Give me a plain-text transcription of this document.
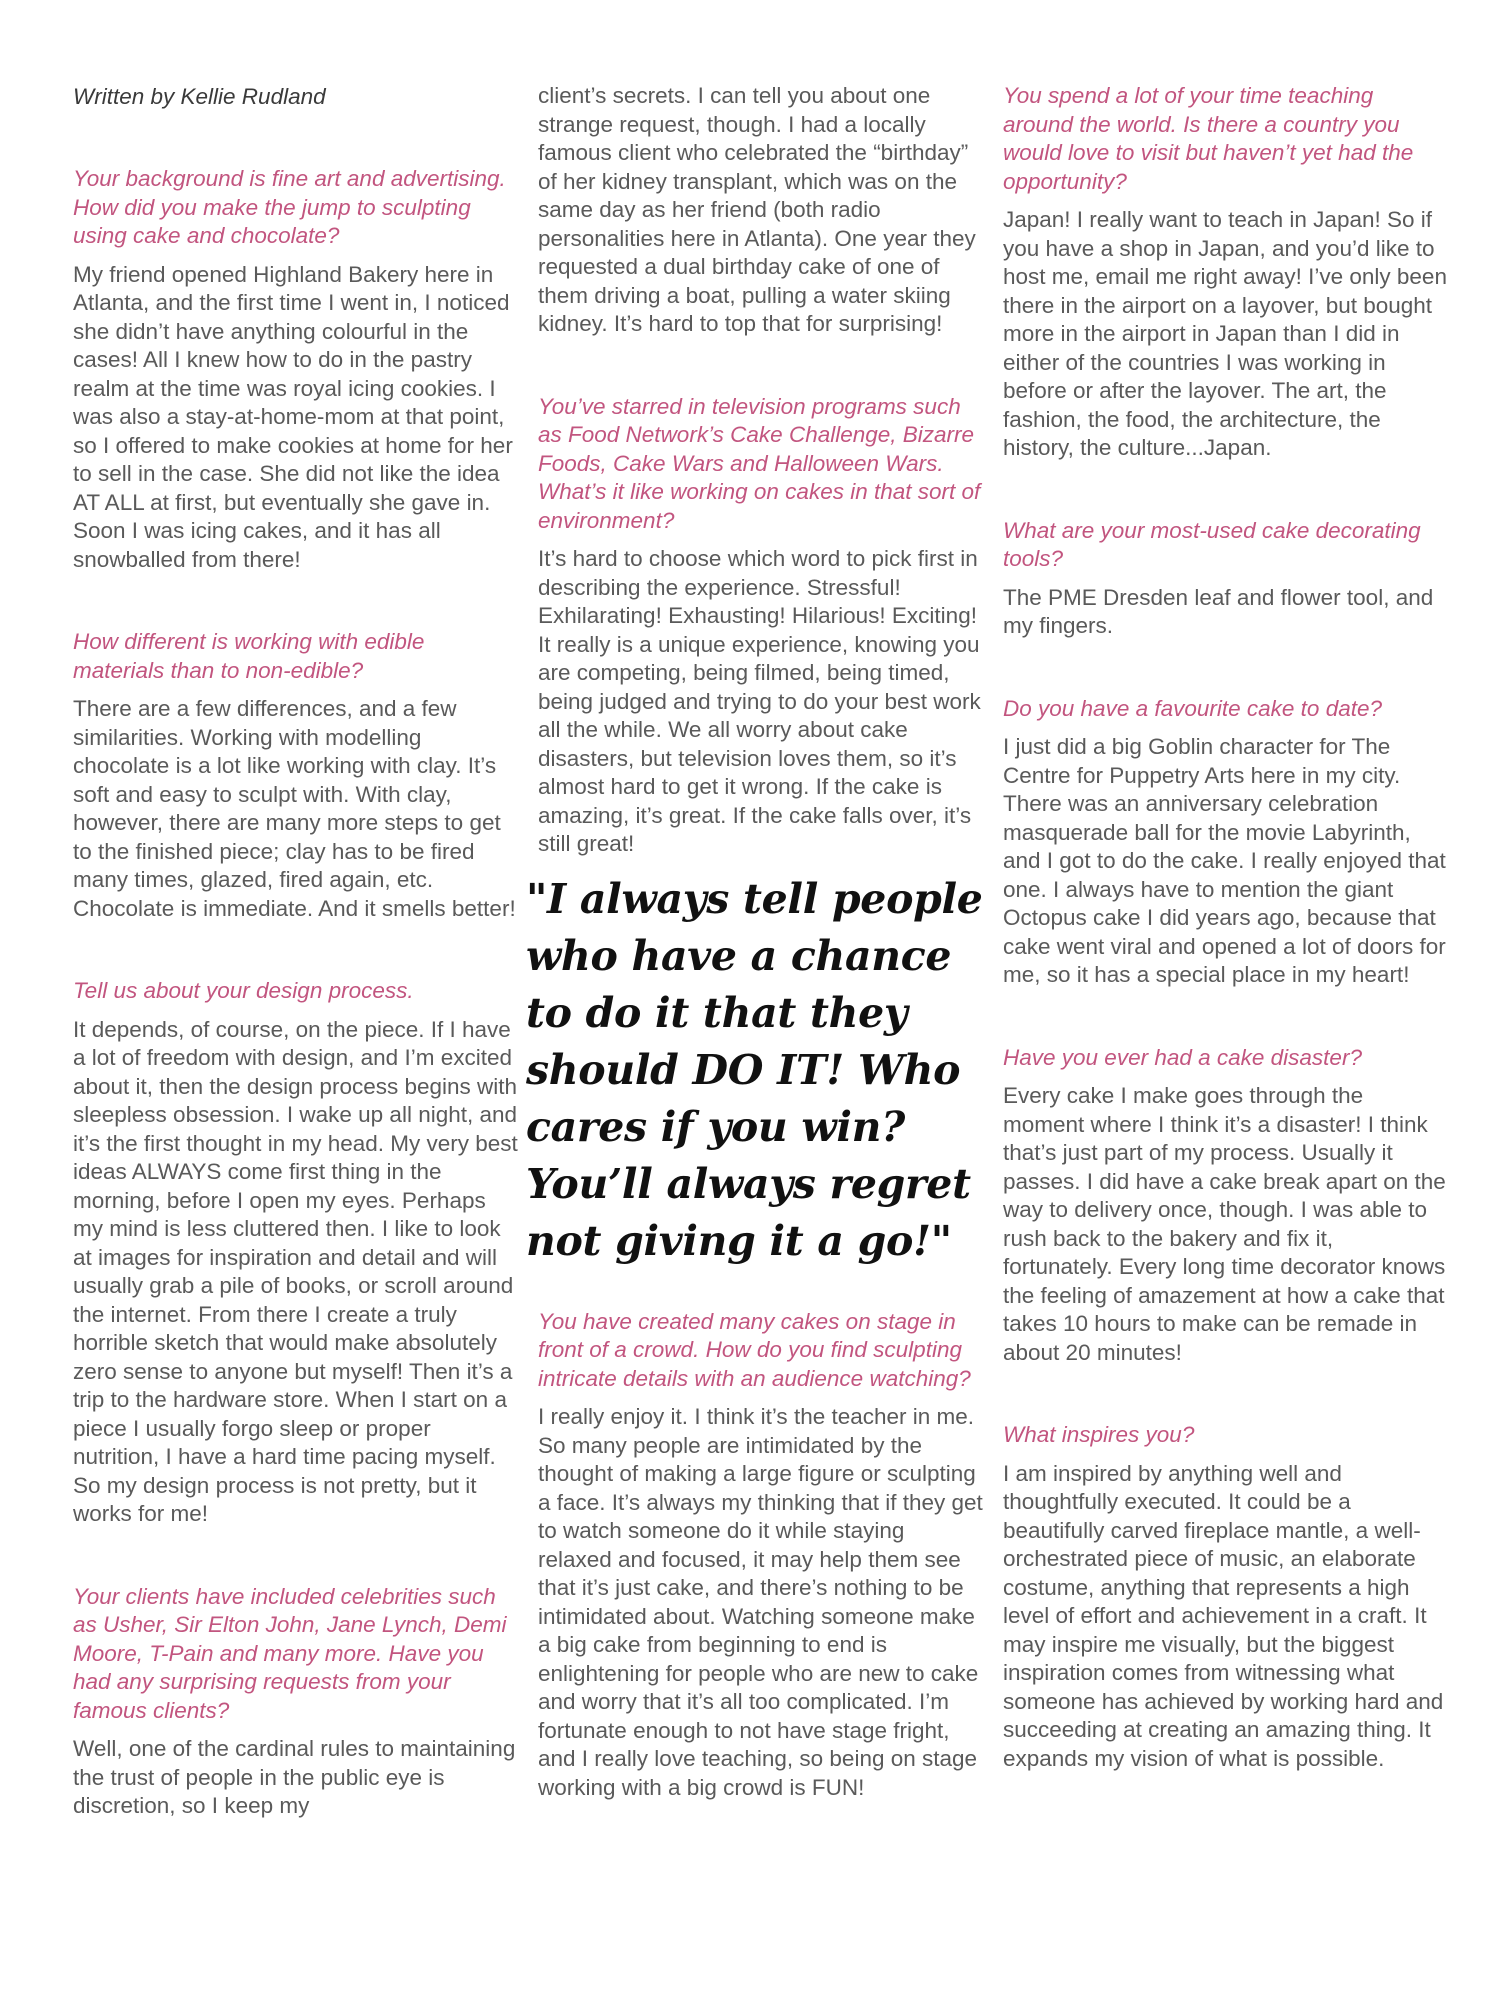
Written by Kellie Rudland

Your background is fine art and advertising. How did you make the jump to sculpting using cake and chocolate?

My friend opened Highland Bakery here in Atlanta, and the first time I went in, I noticed she didn’t have anything colourful in the cases! All I knew how to do in the pastry realm at the time was royal icing cookies. I was also a stay-at-home-mom at that point, so I offered to make cookies at home for her to sell in the case. She did not like the idea AT ALL at first, but eventually she gave in. Soon I was icing cakes, and it has all snowballed from there!

How different is working with edible materials than to non-edible?

There are a few differences, and a few similarities. Working with modelling chocolate is a lot like working with clay. It’s soft and easy to sculpt with. With clay, however, there are many more steps to get to the finished piece; clay has to be fired many times, glazed, fired again, etc. Chocolate is immediate. And it smells better!

Tell us about your design process.

It depends, of course, on the piece. If I have a lot of freedom with design, and I’m excited about it, then the design process begins with sleepless obsession. I wake up all night, and it’s the first thought in my head. My very best ideas ALWAYS come first thing in the morning, before I open my eyes. Perhaps my mind is less cluttered then. I like to look at images for inspiration and detail and will usually grab a pile of books, or scroll around the internet. From there I create a truly horrible sketch that would make absolutely zero sense to anyone but myself! Then it’s a trip to the hardware store. When I start on a piece I usually forgo sleep or proper nutrition, I have a hard time pacing myself. So my design process is not pretty, but it works for me!

Your clients have included celebrities such as Usher, Sir Elton John, Jane Lynch, Demi Moore, T-Pain and many more. Have you had any surprising requests from your famous clients?

Well, one of the cardinal rules to maintaining the trust of people in the public eye is discretion, so I keep my

client’s secrets. I can tell you about one strange request, though. I had a locally famous client who celebrated the “birthday” of her kidney transplant, which was on the same day as her friend (both radio personalities here in Atlanta). One year they requested a dual birthday cake of one of them driving a boat, pulling a water skiing kidney. It’s hard to top that for surprising!

You’ve starred in television programs such as Food Network’s Cake Challenge, Bizarre Foods, Cake Wars and Halloween Wars. What’s it like working on cakes in that sort of environment?

It’s hard to choose which word to pick first in describing the experience. Stressful! Exhilarating! Exhausting! Hilarious! Exciting! It really is a unique experience, knowing you are competing, being filmed, being timed, being judged and trying to do your best work all the while. We all worry about cake disasters, but television loves them, so it’s almost hard to get it wrong. If the cake is amazing, it’s great. If the cake falls over, it’s still great!

"I always tell people who have a chance to do it that they should DO IT! Who cares if you win? You’ll always regret not giving it a go!"

You have created many cakes on stage in front of a crowd. How do you find sculpting intricate details with an audience watching?

I really enjoy it. I think it’s the teacher in me. So many people are intimidated by the thought of making a large figure or sculpting a face. It’s always my thinking that if they get to watch someone do it while staying relaxed and focused, it may help them see that it’s just cake, and there’s nothing to be intimidated about. Watching someone make a big cake from beginning to end is enlightening for people who are new to cake and worry that it’s all too complicated. I’m fortunate enough to not have stage fright, and I really love teaching, so being on stage working with a big crowd is FUN!

You spend a lot of your time teaching around the world. Is there a country you would love to visit but haven’t yet had the opportunity?

Japan! I really want to teach in Japan! So if you have a shop in Japan, and you’d like to host me, email me right away! I’ve only been there in the airport on a layover, but bought more in the airport in Japan than I did in either of the countries I was working in before or after the layover. The art, the fashion, the food, the architecture, the history, the culture...Japan.

What are your most-used cake decorating tools?

The PME Dresden leaf and flower tool, and my fingers.

Do you have a favourite cake to date?

I just did a big Goblin character for The Centre for Puppetry Arts here in my city. There was an anniversary celebration masquerade ball for the movie Labyrinth, and I got to do the cake. I really enjoyed that one. I always have to mention the giant Octopus cake I did years ago, because that cake went viral and opened a lot of doors for me, so it has a special place in my heart!

Have you ever had a cake disaster?

Every cake I make goes through the moment where I think it’s a disaster! I think that’s just part of my process. Usually it passes. I did have a cake break apart on the way to delivery once, though. I was able to rush back to the bakery and fix it, fortunately. Every long time decorator knows the feeling of amazement at how a cake that takes 10 hours to make can be remade in about 20 minutes!

What inspires you?

I am inspired by anything well and thoughtfully executed. It could be a beautifully carved fireplace mantle, a well-orchestrated piece of music, an elaborate costume, anything that represents a high level of effort and achievement in a craft. It may inspire me visually, but the biggest inspiration comes from witnessing what someone has achieved by working hard and succeeding at creating an amazing thing. It expands my vision of what is possible.
